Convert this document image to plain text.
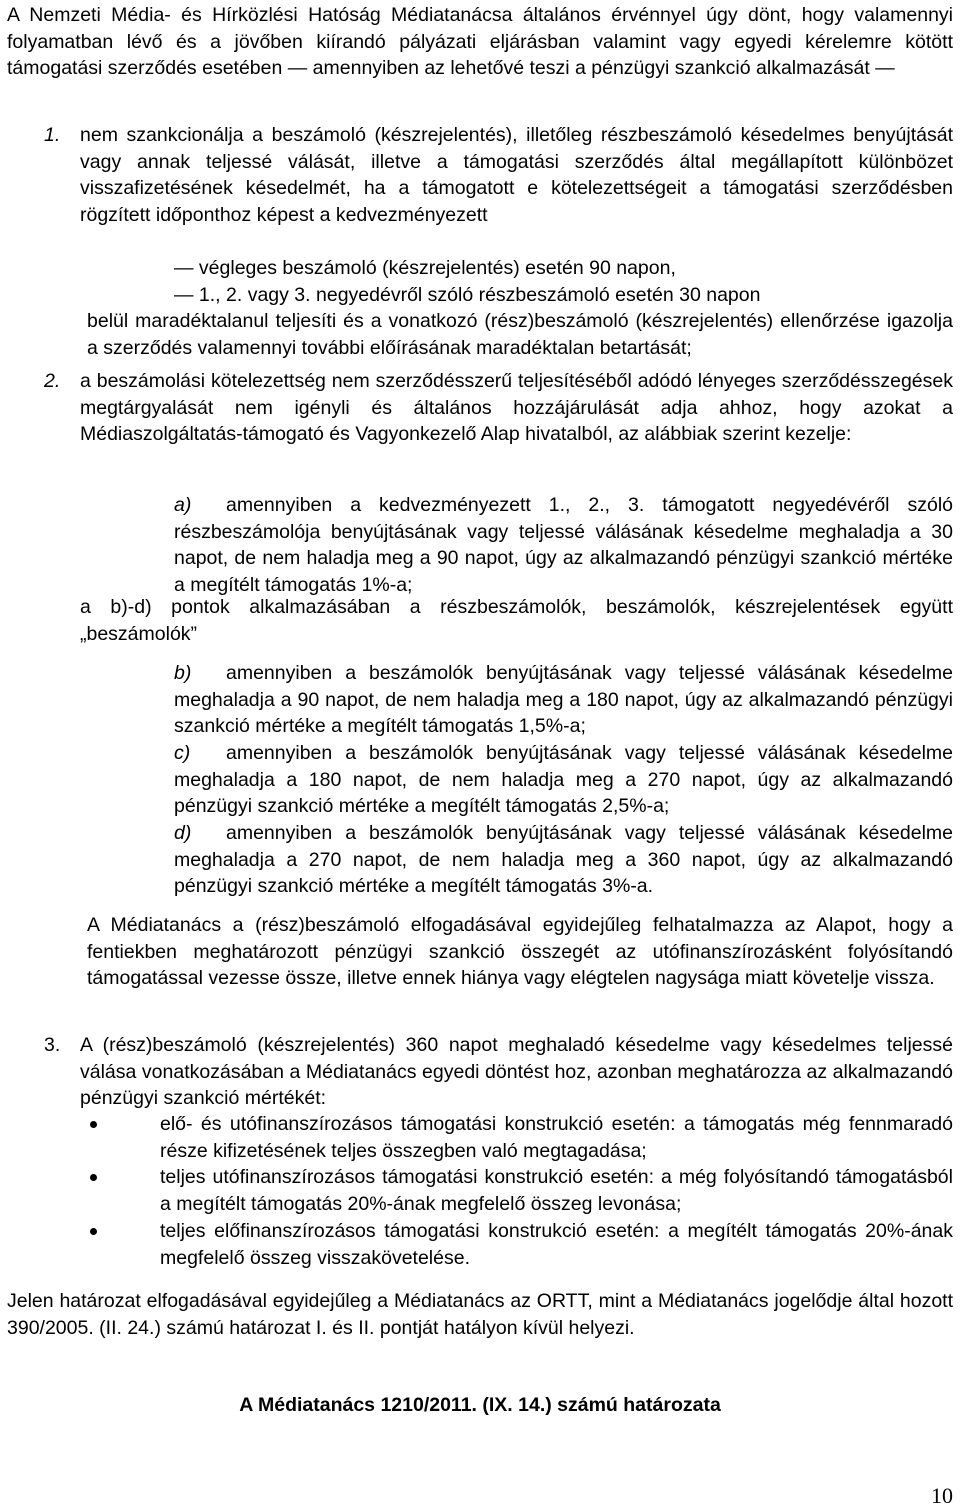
A Nemzeti Média- és Hírközlési Hatóság Médiatanácsa általános érvénnyel úgy dönt, hogy valamennyi folyamatban lévő és a jövőben kiírandó pályázati eljárásban valamint vagy egyedi kérelemre kötött támogatási szerződés esetében — amennyiben az lehetővé teszi a pénzügyi szankció alkalmazását —

1. nem szankcionálja a beszámoló (készrejelentés), illetőleg részbeszámoló késedelmes benyújtását vagy annak teljessé válását, illetve a támogatási szerződés által megállapított különbözet visszafizetésének késedelmét, ha a támogatott e kötelezettségeit a támogatási szerződésben rögzített időponthoz képest a kedvezményezett

— végleges beszámoló (készrejelentés) esetén 90 napon,
— 1., 2. vagy 3. negyedévről szóló részbeszámoló esetén 30 napon

belül maradéktalanul teljesíti és a vonatkozó (rész)beszámoló (készrejelentés) ellenőrzése igazolja a szerződés valamennyi további előírásának maradéktalan betartását;

2. a beszámolási kötelezettség nem szerződésszerű teljesítéséből adódó lényeges szerződésszegések megtárgyalását nem igényli és általános hozzájárulását adja ahhoz, hogy azokat a Médiaszolgáltatás-támogató és Vagyonkezelő Alap hivatalból, az alábbiak szerint kezelje:

a)	amennyiben a kedvezményezett 1., 2., 3. támogatott negyedévéről szóló részbeszámolója benyújtásának vagy teljessé válásának késedelme meghaladja a 30 napot, de nem haladja meg a 90 napot, úgy az alkalmazandó pénzügyi szankció mértéke a megítélt támogatás 1%-a;

a b)-d) pontok alkalmazásában a részbeszámolók, beszámolók, készrejelentések együtt „beszámolók”

b)	amennyiben a beszámolók benyújtásának vagy teljessé válásának késedelme meghaladja a 90 napot, de nem haladja meg a 180 napot, úgy az alkalmazandó pénzügyi szankció mértéke a megítélt támogatás 1,5%-a;

c)	amennyiben a beszámolók benyújtásának vagy teljessé válásának késedelme meghaladja a 180 napot, de nem haladja meg a 270 napot, úgy az alkalmazandó pénzügyi szankció mértéke a megítélt támogatás 2,5%-a;

d)	amennyiben a beszámolók benyújtásának vagy teljessé válásának késedelme meghaladja a 270 napot, de nem haladja meg a 360 napot, úgy az alkalmazandó pénzügyi szankció mértéke a megítélt támogatás 3%-a.

A Médiatanács a (rész)beszámoló elfogadásával egyidejűleg felhatalmazza az Alapot, hogy a fentiekben meghatározott pénzügyi szankció összegét az utófinanszírozásként folyósítandó támogatással vezesse össze, illetve ennek hiánya vagy elégtelen nagysága miatt követelje vissza.

3. A (rész)beszámoló (készrejelentés) 360 napot meghaladó késedelme vagy késedelmes teljessé válása vonatkozásában a Médiatanács egyedi döntést hoz, azonban meghatározza az alkalmazandó pénzügyi szankció mértékét:

elő- és utófinanszírozásos támogatási konstrukció esetén: a támogatás még fennmaradó része kifizetésének teljes összegben való megtagadása;

teljes utófinanszírozásos támogatási konstrukció esetén: a még folyósítandó támogatásból a megítélt támogatás 20%-ának megfelelő összeg levonása;

teljes előfinanszírozásos támogatási konstrukció esetén: a megítélt támogatás 20%-ának megfelelő összeg visszakövetelése.

Jelen határozat elfogadásával egyidejűleg a Médiatanács az ORTT, mint a Médiatanács jogelődje által hozott 390/2005. (II. 24.) számú határozat I. és II. pontját hatályon kívül helyezi.

A Médiatanács 1210/2011. (IX. 14.) számú határozata
10
